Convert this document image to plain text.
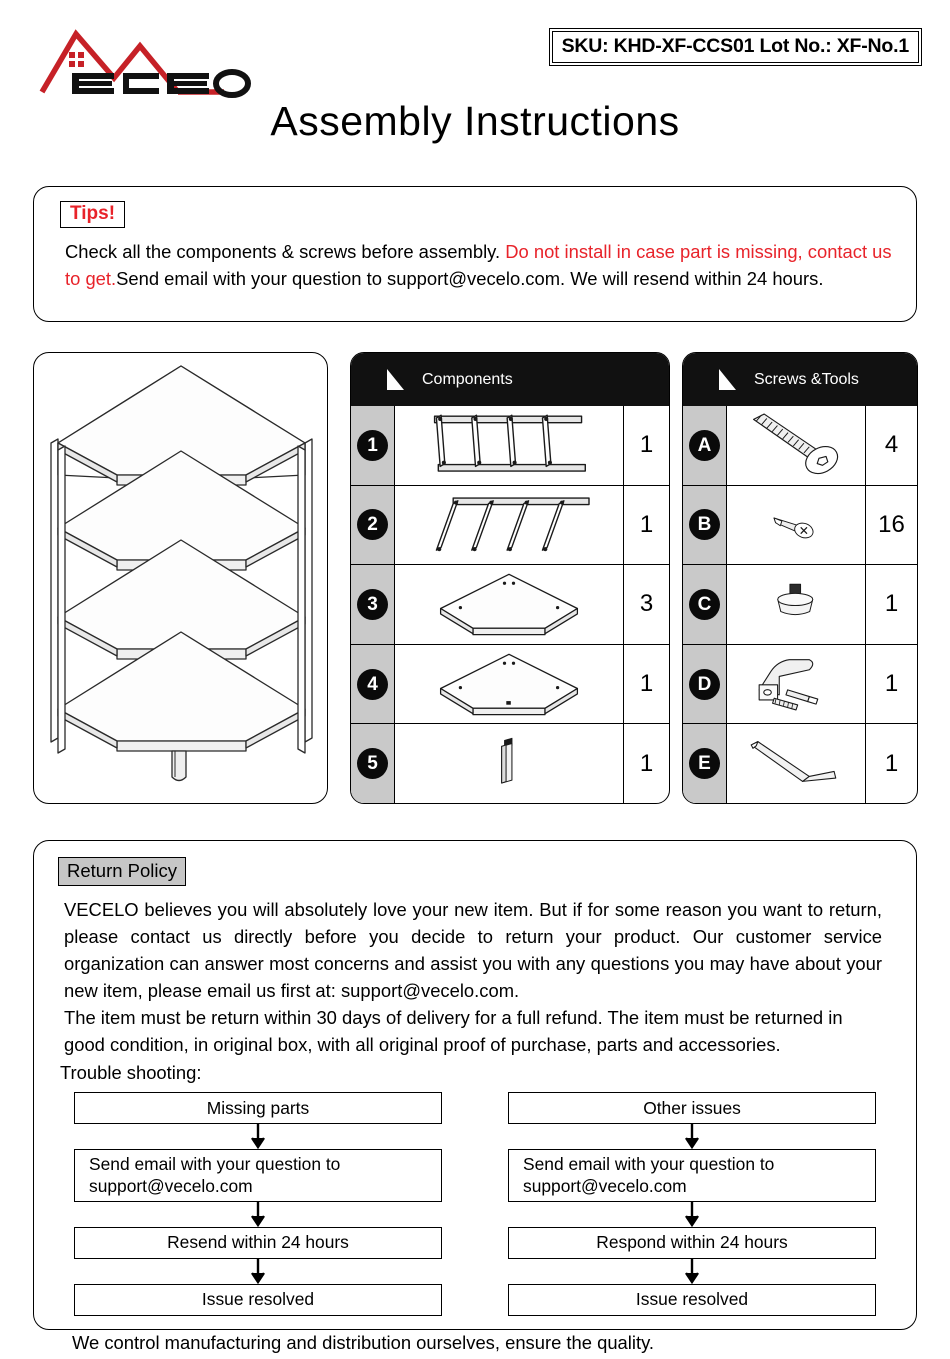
SKU: KHD-XF-CCS01 Lot No.: XF-No.1
Assembly Instructions
Tips!
Check all the components & screws before assembly. Do not install in case part is missing, contact us to get.Send email with your question to support@vecelo.com. We will resend within 24 hours.
Components
1	1
2	1
3	3
4	1
5	1
Screws &Tools
A	4
B	16
C	1
D	1
E	1
Return Policy

VECELO believes you will absolutely love your new item. But if for some reason you want to return, please contact us directly before you decide to return your product. Our customer service organization can answer most concerns and assist you with any questions you may have about your new item, please email us first at: support@vecelo.com.

The item must be return within 30 days of delivery for a full refund. The item must be returned in good condition, in original box, with all original proof of purchase, parts and accessories.

Trouble shooting:
Missing parts
Send email with your question to support@vecelo.com
Resend within 24 hours
Issue resolved
Other issues
Send email with your question to support@vecelo.com
Respond within 24 hours
Issue resolved
We control manufacturing and distribution ourselves, ensure the quality.
